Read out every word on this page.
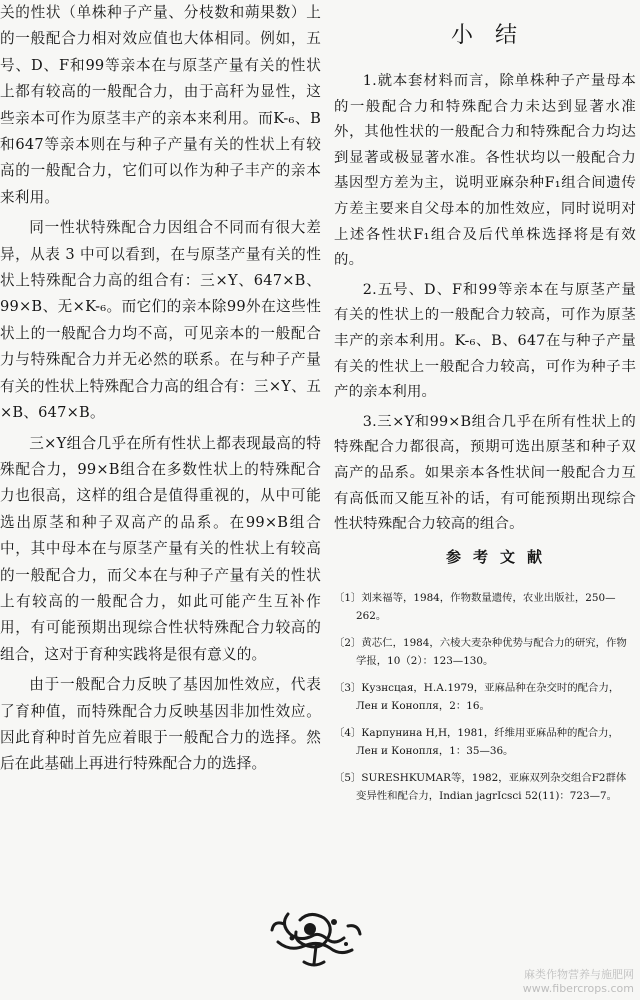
关的性状（单株种子产量、分枝数和蒴果数）上的一般配合力相对效应值也大体相同。例如，五号、D、F和99等亲本在与原茎产量有关的性状上都有较高的一般配合力，由于高秆为显性，这些亲本可作为原茎丰产的亲本来利用。而K-₆、B和647等亲本则在与种子产量有关的性状上有较高的一般配合力，它们可以作为种子丰产的亲本来利用。

同一性状特殊配合力因组合不同而有很大差异，从表 3 中可以看到，在与原茎产量有关的性状上特殊配合力高的组合有：三×Y、647×B、99×B、无×K-₆。而它们的亲本除99外在这些性状上的一般配合力均不高，可见亲本的一般配合力与特殊配合力并无必然的联系。在与种子产量有关的性状上特殊配合力高的组合有：三×Y、五×B、647×B。

三×Y组合几乎在所有性状上都表现最高的特殊配合力，99×B组合在多数性状上的特殊配合力也很高，这样的组合是值得重视的，从中可能选出原茎和种子双高产的品系。在99×B组合中，其中母本在与原茎产量有关的性状上有较高的一般配合力，而父本在与种子产量有关的性状上有较高的一般配合力，如此可能产生互补作用，有可能预期出现综合性状特殊配合力较高的组合，这对于育种实践将是很有意义的。

由于一般配合力反映了基因加性效应，代表了育种值，而特殊配合力反映基因非加性效应。因此育种时首先应着眼于一般配合力的选择。然后在此基础上再进行特殊配合力的选择。

小结

1.就本套材料而言，除单株种子产量母本的一般配合力和特殊配合力未达到显著水准外，其他性状的一般配合力和特殊配合力均达到显著或极显著水准。各性状均以一般配合力基因型方差为主，说明亚麻杂种F₁组合间遗传方差主要来自父母本的加性效应，同时说明对上述各性状F₁组合及后代单株选择将是有效的。

2.五号、D、F和99等亲本在与原茎产量有关的性状上的一般配合力较高，可作为原茎丰产的亲本利用。K-₆、B、647在与种子产量有关的性状上一般配合力较高，可作为种子丰产的亲本利用。

3.三×Y和99×B组合几乎在所有性状上的特殊配合力都很高，预期可选出原茎和种子双高产的品系。如果亲本各性状间一般配合力互有高低而又能互补的话，有可能预期出现综合性状特殊配合力较高的组合。

参考文献
〔1〕刘来福等，1984，作物数量遗传，农业出版社，250—262。
〔2〕黄芯仁，1984，六棱大麦杂种优势与配合力的研究，作物学报，10（2）：123—130。
〔3〕Кузнсцая，Н.А.1979，亚麻品种在杂交时的配合力，Лен и Конопля，2：16。
〔4〕Карпунина Н,Н，1981，纤维用亚麻品种的配合力，Лен и Конопля，1：35—36。
〔5〕SURESHKUMAR等，1982，亚麻双列杂交组合F2群体变异性和配合力，Indian jagrIcsci 52(11)：723—7。
麻类作物营养与施肥网
www.fibercrops.com
